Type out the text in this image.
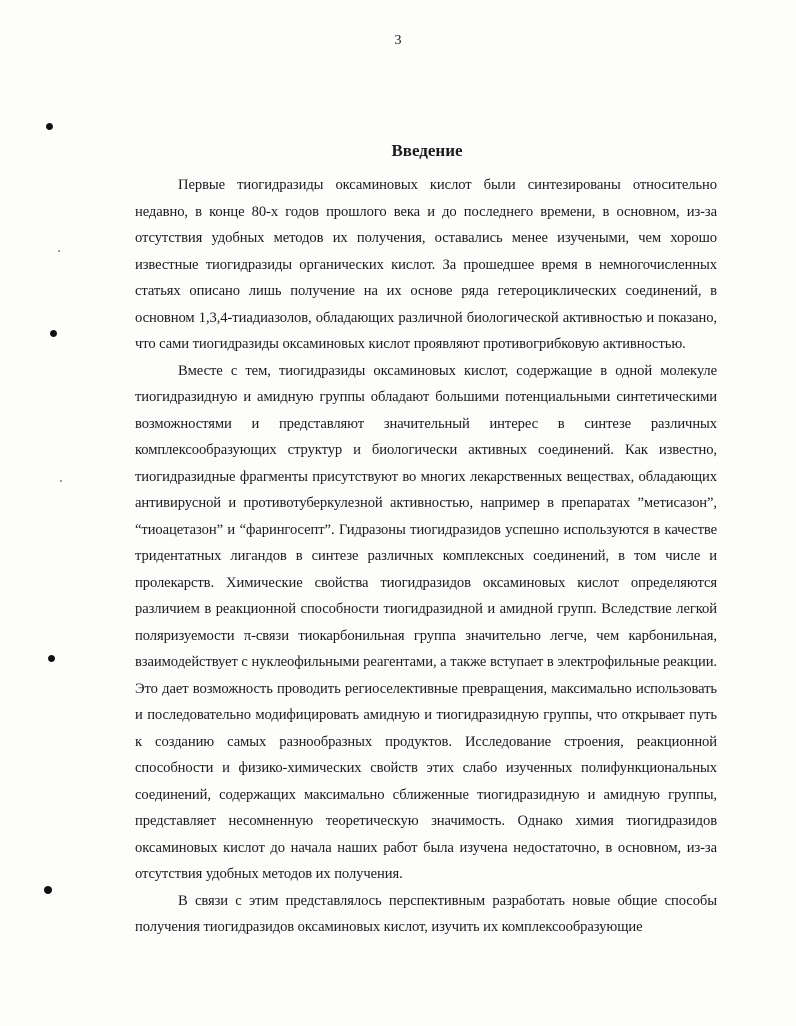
3
Введение

Первые тиогидразиды оксаминовых кислот были синтезированы относительно недавно, в конце 80-х годов прошлого века и до последнего времени, в основном, из-за отсутствия удобных методов их получения, оставались менее изучеными, чем хорошо известные тиогидразиды органических кислот. За прошедшее время в немногочисленных статьях описано лишь получение на их основе ряда гетероциклических соединений, в основном 1,3,4-тиадиазолов, обладающих различной биологической активностью и показано, что сами тиогидразиды оксаминовых кислот проявляют противогрибковую активностью.

Вместе с тем, тиогидразиды оксаминовых кислот, содержащие в одной молекуле тиогидразидную и амидную группы обладают большими потенциальными синтетическими возможностями и представляют значительный интерес в синтезе различных комплексообразующих структур и биологически активных соединений. Как известно, тиогидразидные фрагменты присутствуют во многих лекарственных веществах, обладающих антивирусной и противотуберкулезной активностью, например в препаратах ”метисазон”, “тиоацетазон” и “фарингосепт”. Гидразоны тиогидразидов успешно используются в качестве тридентатных лигандов в синтезе различных комплексных соединений, в том числе и пролекарств. Химические свойства тиогидразидов оксаминовых кислот определяются различием в реакционной способности тиогидразидной и амидной групп. Вследствие легкой поляризуемости π-связи тиокарбонильная группа значительно легче, чем карбонильная, взаимодействует с нуклеофильными реагентами, а также вступает в электрофильные реакции. Это дает возможность проводить региоселективные превращения, максимально использовать и последовательно модифицировать амидную и тиогидразидную группы, что открывает путь к созданию самых разнообразных продуктов. Исследование строения, реакционной способности и физико-химических свойств этих слабо изученных полифункциональных соединений, содержащих максимально сближенные тиогидразидную и амидную группы, представляет несомненную теоретическую значимость. Однако химия тиогидразидов оксаминовых кислот до начала наших работ была изучена недостаточно, в основном, из-за отсутствия удобных методов их получения.

В связи с этим представлялось перспективным разработать новые общие способы получения тиогидразидов оксаминовых кислот, изучить их комплексообразующие
